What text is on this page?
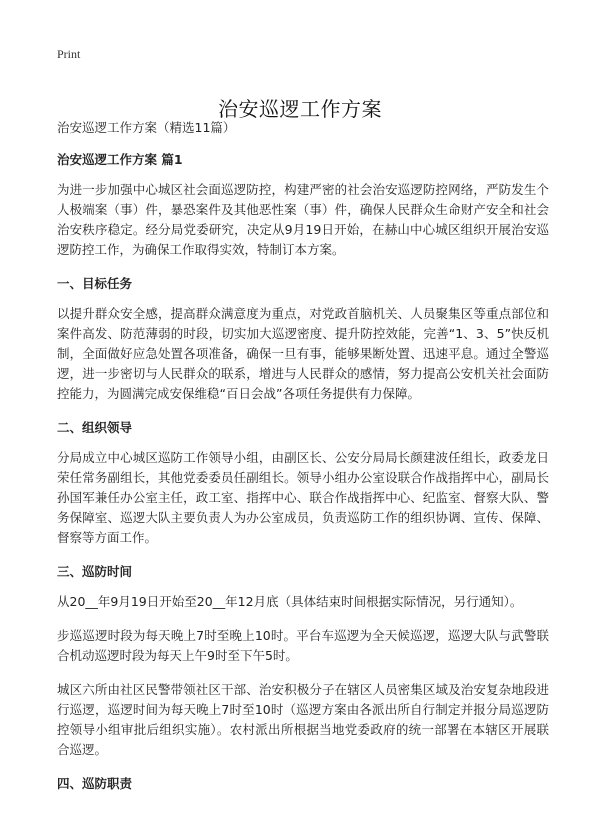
Print
治安巡逻工作方案

治安巡逻工作方案（精选11篇）

治安巡逻工作方案 篇1

为进一步加强中心城区社会面巡逻防控，构建严密的社会治安巡逻防控网络，严防发生个人极端案（事）件，暴恐案件及其他恶性案（事）件，确保人民群众生命财产安全和社会治安秩序稳定。经分局党委研究，决定从9月19日开始，在赫山中心城区组织开展治安巡逻防控工作，为确保工作取得实效，特制订本方案。

一、目标任务

以提升群众安全感，提高群众满意度为重点，对党政首脑机关、人员聚集区等重点部位和案件高发、防范薄弱的时段，切实加大巡逻密度、提升防控效能，完善“1、3、5”快反机制，全面做好应急处置各项准备，确保一旦有事，能够果断处置、迅速平息。通过全警巡逻，进一步密切与人民群众的联系，增进与人民群众的感情，努力提高公安机关社会面防控能力，为圆满完成安保维稳“百日会战”各项任务提供有力保障。

二、组织领导

分局成立中心城区巡防工作领导小组，由副区长、公安分局局长颜建波任组长，政委龙日荣任常务副组长，其他党委委员任副组长。领导小组办公室设联合作战指挥中心，副局长孙国军兼任办公室主任，政工室、指挥中心、联合作战指挥中心、纪监室、督察大队、警务保障室、巡逻大队主要负责人为办公室成员，负责巡防工作的组织协调、宣传、保障、督察等方面工作。

三、巡防时间

从20__年9月19日开始至20__年12月底（具体结束时间根据实际情况，另行通知）。

步巡巡逻时段为每天晚上7时至晚上10时。平台车巡逻为全天候巡逻，巡逻大队与武警联合机动巡逻时段为每天上午9时至下午5时。

城区六所由社区民警带领社区干部、治安积极分子在辖区人员密集区域及治安复杂地段进行巡逻，巡逻时间为每天晚上7时至10时（巡逻方案由各派出所自行制定并报分局巡逻防控领导小组审批后组织实施）。农村派出所根据当地党委政府的统一部署在本辖区开展联合巡逻。

四、巡防职责
